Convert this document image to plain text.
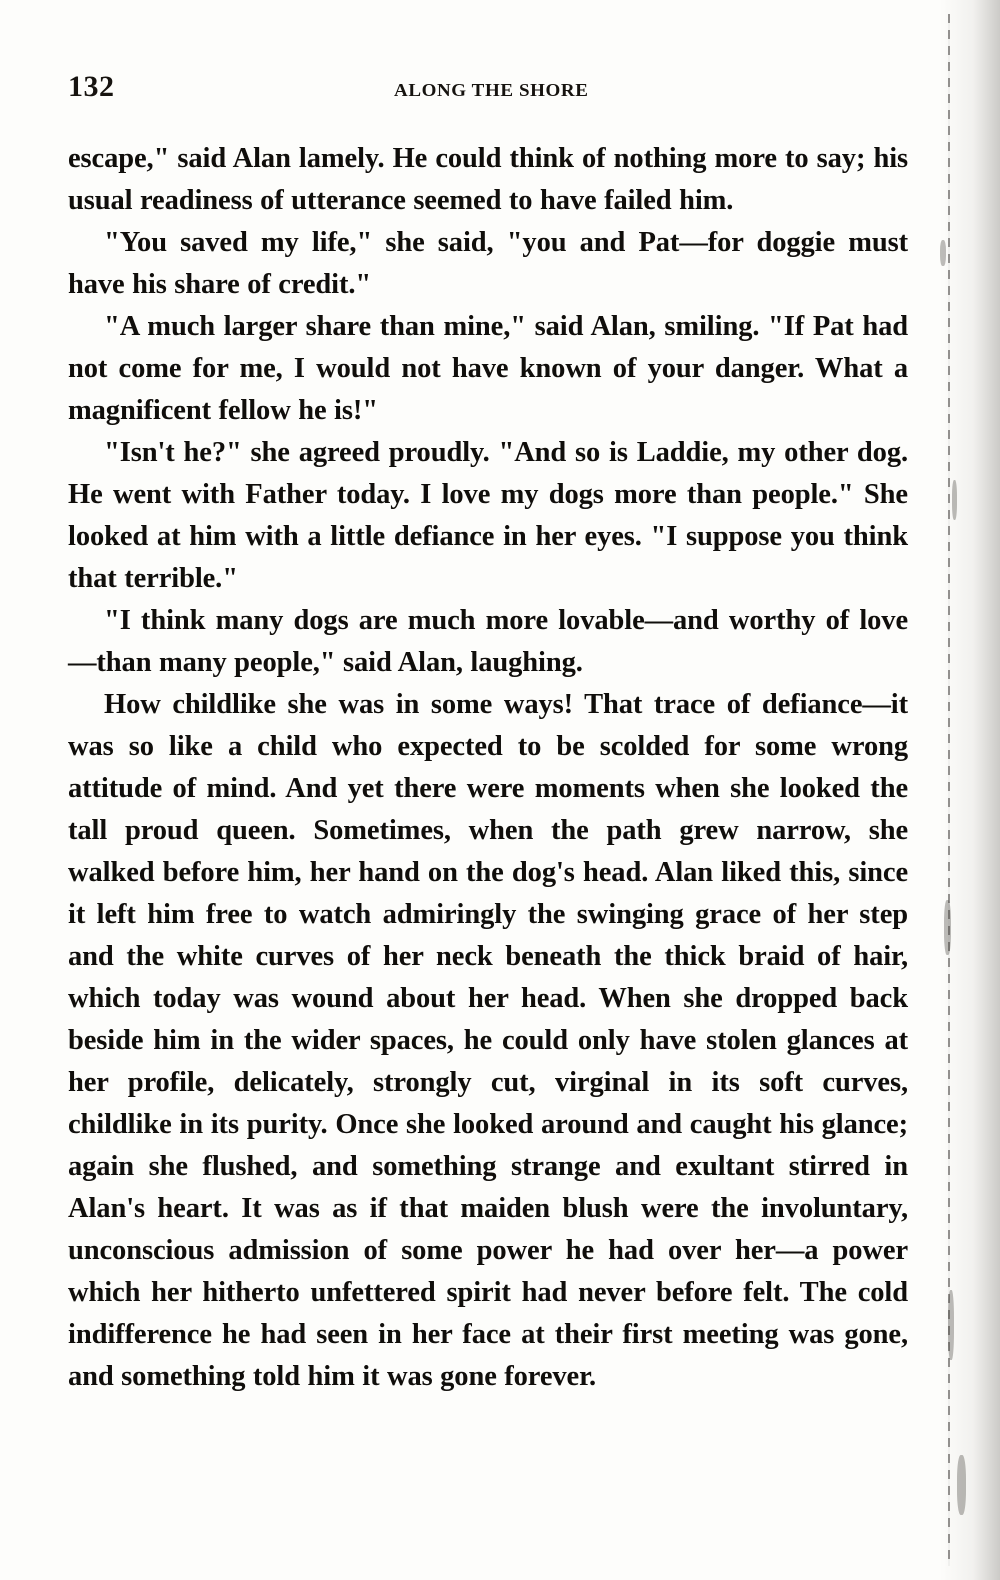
132	ALONG THE SHORE

escape," said Alan lamely. He could think of nothing more to say; his usual readiness of utterance seemed to have failed him.

"You saved my life," she said, "you and Pat—for doggie must have his share of credit."

"A much larger share than mine," said Alan, smiling. "If Pat had not come for me, I would not have known of your danger. What a magnificent fellow he is!"

"Isn't he?" she agreed proudly. "And so is Laddie, my other dog. He went with Father today. I love my dogs more than people." She looked at him with a little defiance in her eyes. "I suppose you think that terrible."

"I think many dogs are much more lovable—and worthy of love—than many people," said Alan, laughing.

How childlike she was in some ways! That trace of defiance—it was so like a child who expected to be scolded for some wrong attitude of mind. And yet there were moments when she looked the tall proud queen. Sometimes, when the path grew narrow, she walked before him, her hand on the dog's head. Alan liked this, since it left him free to watch admiringly the swinging grace of her step and the white curves of her neck beneath the thick braid of hair, which today was wound about her head. When she dropped back beside him in the wider spaces, he could only have stolen glances at her profile, delicately, strongly cut, virginal in its soft curves, childlike in its purity. Once she looked around and caught his glance; again she flushed, and something strange and exultant stirred in Alan's heart. It was as if that maiden blush were the involuntary, unconscious admission of some power he had over her—a power which her hitherto unfettered spirit had never before felt. The cold indifference he had seen in her face at their first meeting was gone, and something told him it was gone forever.
